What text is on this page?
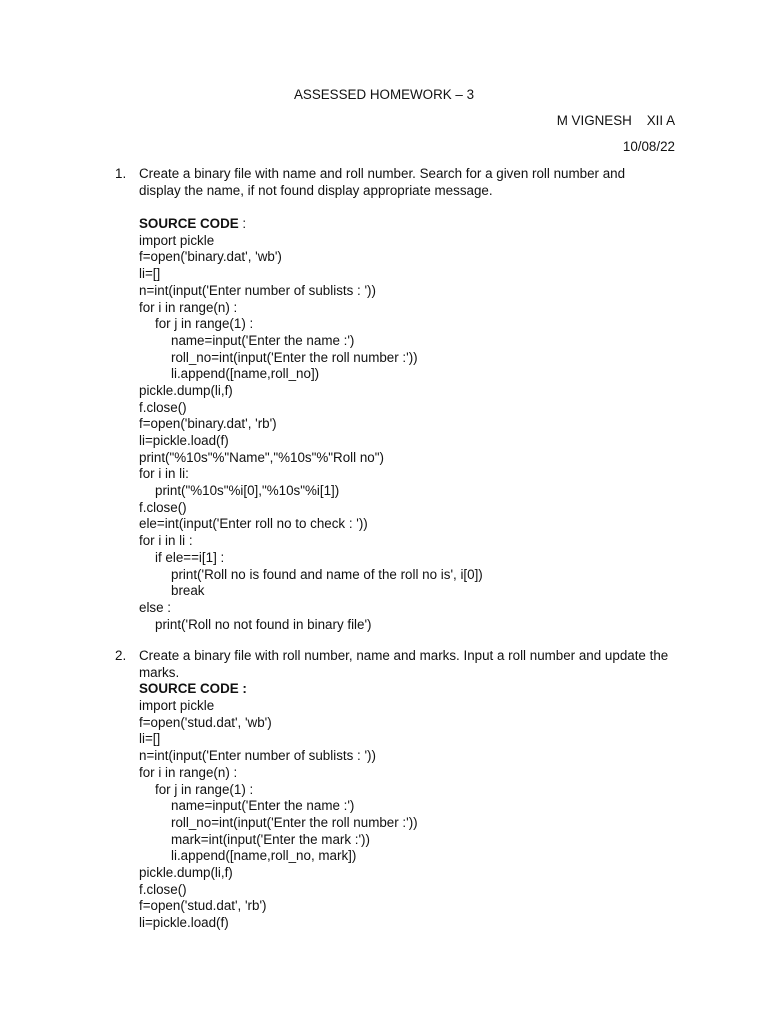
ASSESSED HOMEWORK – 3
M VIGNESH    XII A
10/08/22
1. Create a binary file with name and roll number. Search for a given roll number and display the name, if not found display appropriate message.

SOURCE CODE :
import pickle
f=open('binary.dat', 'wb')
li=[]
n=int(input('Enter number of sublists : '))
for i in range(n) :
for j in range(1) :
name=input('Enter the name :')
roll_no=int(input('Enter the roll number :'))
li.append([name,roll_no])
pickle.dump(li,f)
f.close()
f=open('binary.dat', 'rb')
li=pickle.load(f)
print("%10s"%"Name","%10s"%"Roll no")
for i in li:
print("%10s"%i[0],"%10s"%i[1])
f.close()
ele=int(input('Enter roll no to check : '))
for i in li :
if ele==i[1] :
print('Roll no is found and name of the roll no is', i[0])
break
else :
print('Roll no not found in binary file')
2. Create a binary file with roll number, name and marks. Input a roll number and update the marks.

SOURCE CODE :
import pickle
f=open('stud.dat', 'wb')
li=[]
n=int(input('Enter number of sublists : '))
for i in range(n) :
for j in range(1) :
name=input('Enter the name :')
roll_no=int(input('Enter the roll number :'))
mark=int(input('Enter the mark :'))
li.append([name,roll_no, mark])
pickle.dump(li,f)
f.close()
f=open('stud.dat', 'rb')
li=pickle.load(f)
